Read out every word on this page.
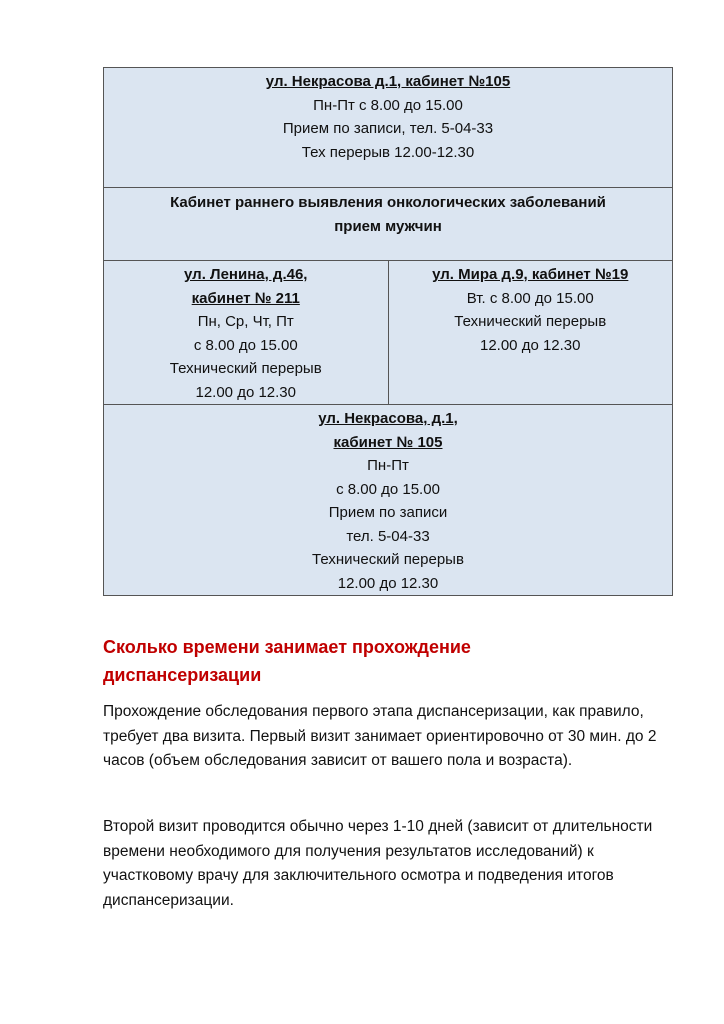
ул. Некрасова д.1, кабинет №105
Пн-Пт с 8.00 до 15.00
Прием по записи, тел. 5-04-33
Тех перерыв 12.00-12.30

Кабинет раннего выявления онкологических заболеваний
прием мужчин

ул. Ленина, д.46,
кабинет № 211
Пн, Ср, Чт, Пт
с 8.00 до 15.00
Технический перерыв
12.00 до 12.30

ул. Мира д.9, кабинет №19
Вт. с 8.00 до 15.00
Технический перерыв
12.00 до 12.30

ул. Некрасова, д.1,
кабинет № 105
Пн-Пт
с 8.00 до 15.00
Прием по записи
тел. 5-04-33
Технический перерыв
12.00 до 12.30
Сколько времени занимает прохождение
диспансеризации

Прохождение обследования первого этапа диспансеризации, как правило, требует два визита. Первый визит занимает ориентировочно от 30 мин. до 2 часов (объем обследования зависит от вашего пола и возраста).

Второй визит проводится обычно через 1-10 дней (зависит от длительности времени необходимого для получения результатов исследований) к участковому врачу для заключительного осмотра и подведения итогов диспансеризации.
